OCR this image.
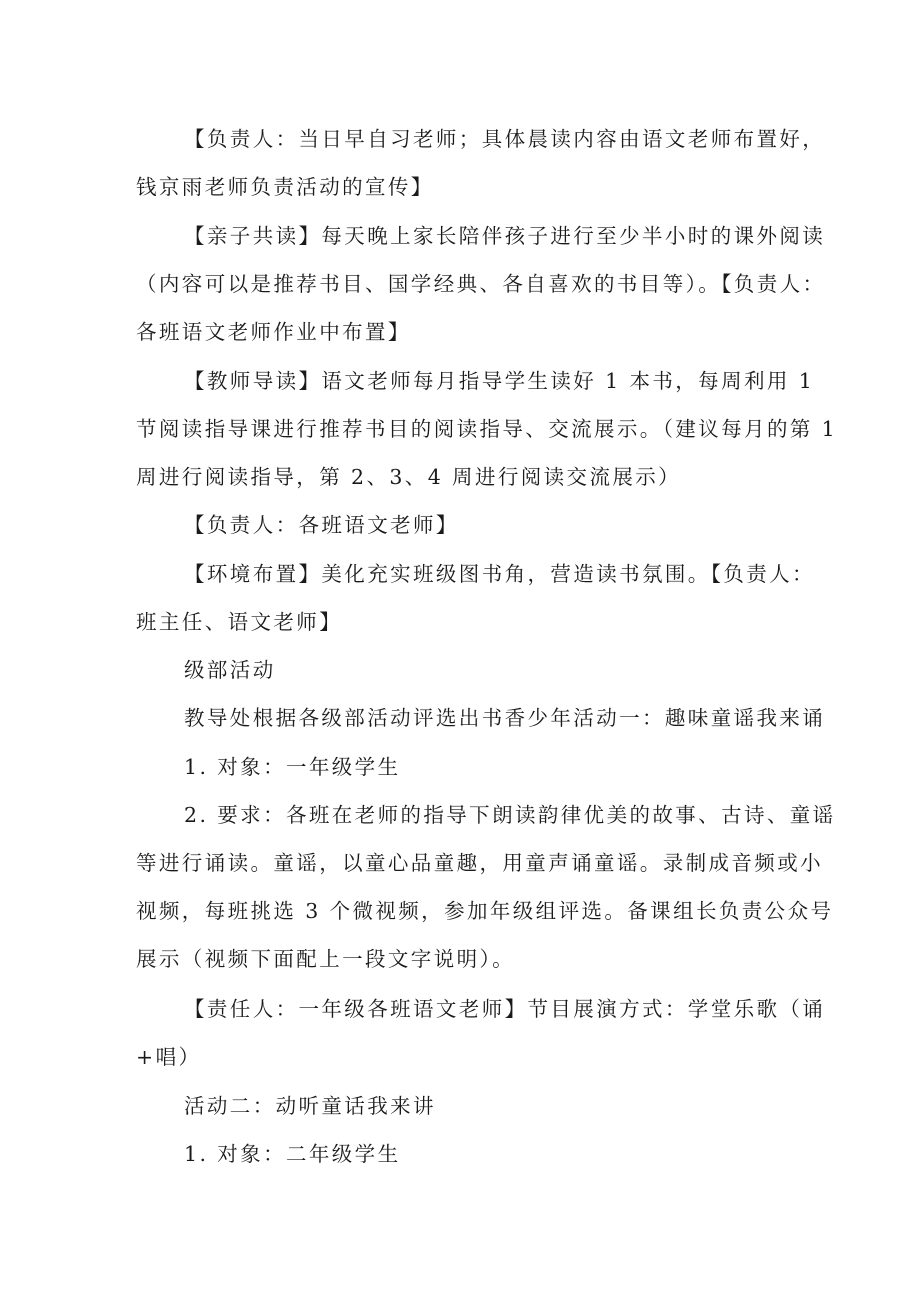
【负责人：当日早自习老师；具体晨读内容由语文老师布置好，
钱京雨老师负责活动的宣传】
【亲子共读】每天晚上家长陪伴孩子进行至少半小时的课外阅读
（内容可以是推荐书目、国学经典、各自喜欢的书目等）。【负责人：
各班语文老师作业中布置】
【教师导读】语文老师每月指导学生读好 1 本书，每周利用 1
节阅读指导课进行推荐书目的阅读指导、交流展示。（建议每月的第 1
周进行阅读指导，第 2、3、4 周进行阅读交流展示）
【负责人：各班语文老师】
【环境布置】美化充实班级图书角，营造读书氛围。【负责人：
班主任、语文老师】
级部活动
教导处根据各级部活动评选出书香少年活动一：趣味童谣我来诵
1. 对象：一年级学生
2. 要求：各班在老师的指导下朗读韵律优美的故事、古诗、童谣
等进行诵读。童谣，以童心品童趣，用童声诵童谣。录制成音频或小
视频，每班挑选 3 个微视频，参加年级组评选。备课组长负责公众号
展示（视频下面配上一段文字说明）。
【责任人：一年级各班语文老师】节目展演方式：学堂乐歌（诵
+唱）
活动二：动听童话我来讲
1. 对象：二年级学生
